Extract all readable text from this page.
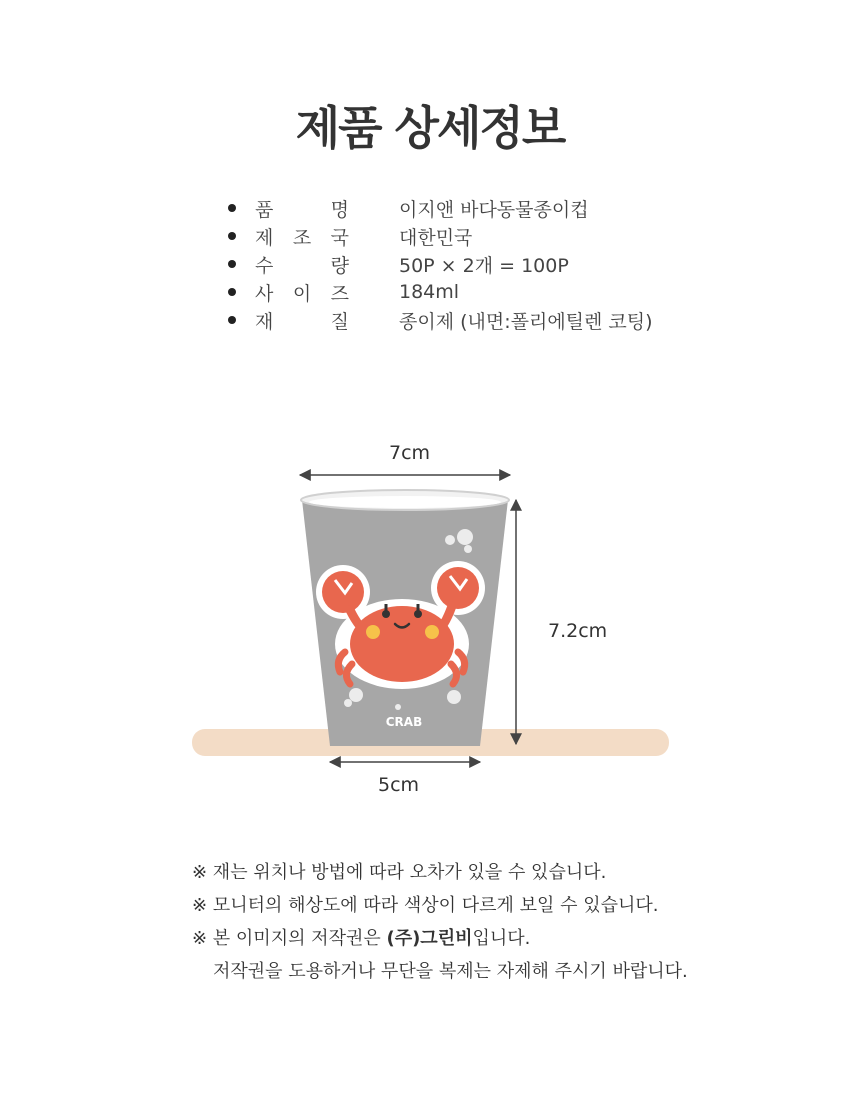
제품 상세정보
품	명	이지앤 바다동물종이컵
제 조 국	대한민국
수	량	50P × 2개 = 100P
사 이 즈	184ml
재	질	종이제 (내면:폴리에틸렌 코팅)
CRAB
7cm
7.2cm
5cm
※ 재는 위치나 방법에 따라 오차가 있을 수 있습니다.
※ 모니터의 해상도에 따라 색상이 다르게 보일 수 있습니다.
※ 본 이미지의 저작권은 (주)그린비입니다.
저작권을 도용하거나 무단을 복제는 자제해 주시기 바랍니다.
